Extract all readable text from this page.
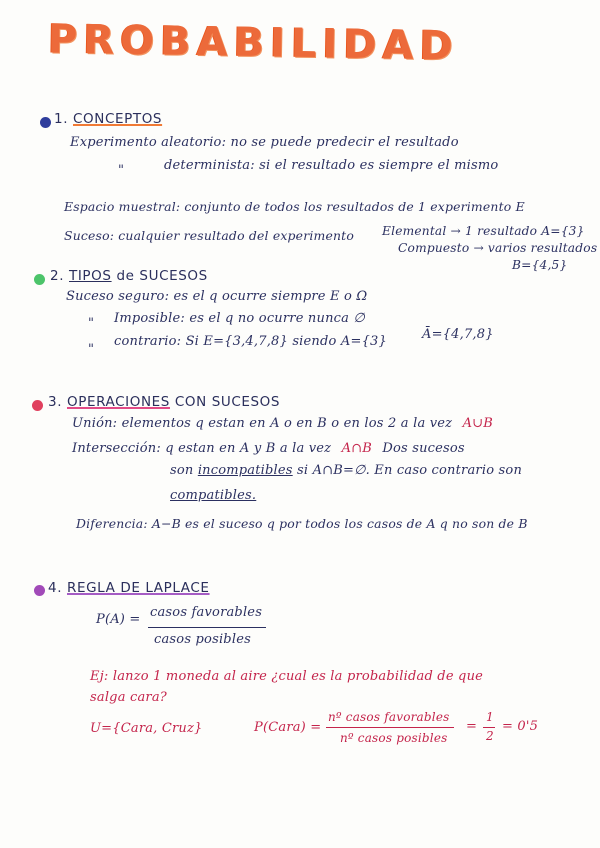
PROBABILIDAD
1. CONCEPTOS
Experimento aleatorio: no se puede predecir el resultado
"	determinista: si el resultado es siempre el mismo
Espacio muestral: conjunto de todos los resultados de 1 experimento E
Suceso: cualquier resultado del experimento Elemental → 1 resultado A={3}
Compuesto → varios resultados
B={4,5}
2. TIPOS de SUCESOS
Suceso seguro: es el q ocurre siempre E o Ω
" Imposible: es el q no ocurre nunca ∅
"
contrario: Si E={3,4,7,8} siendo A={3}	Ā={4,7,8}
3. OPERACIONES CON SUCESOS
Unión: elementos q estan en A o en B o en los 2 a la vez A∪B
Intersección: q estan en A y B a la vez A∩B Dos sucesos
son incompatibles si A∩B=∅. En caso contrario son
compatibles.
Diferencia: A−B es el suceso q por todos los casos de A q no son de B
4. REGLA DE LAPLACE
P(A) = casos favorables
casos posibles
Ej: lanzo 1 moneda al aire ¿cual es la probabilidad de que
salga cara?
U={Cara, Cruz}	P(Cara) =
nº casos favorables
nº casos posibles
=
1
2
= 0'5
